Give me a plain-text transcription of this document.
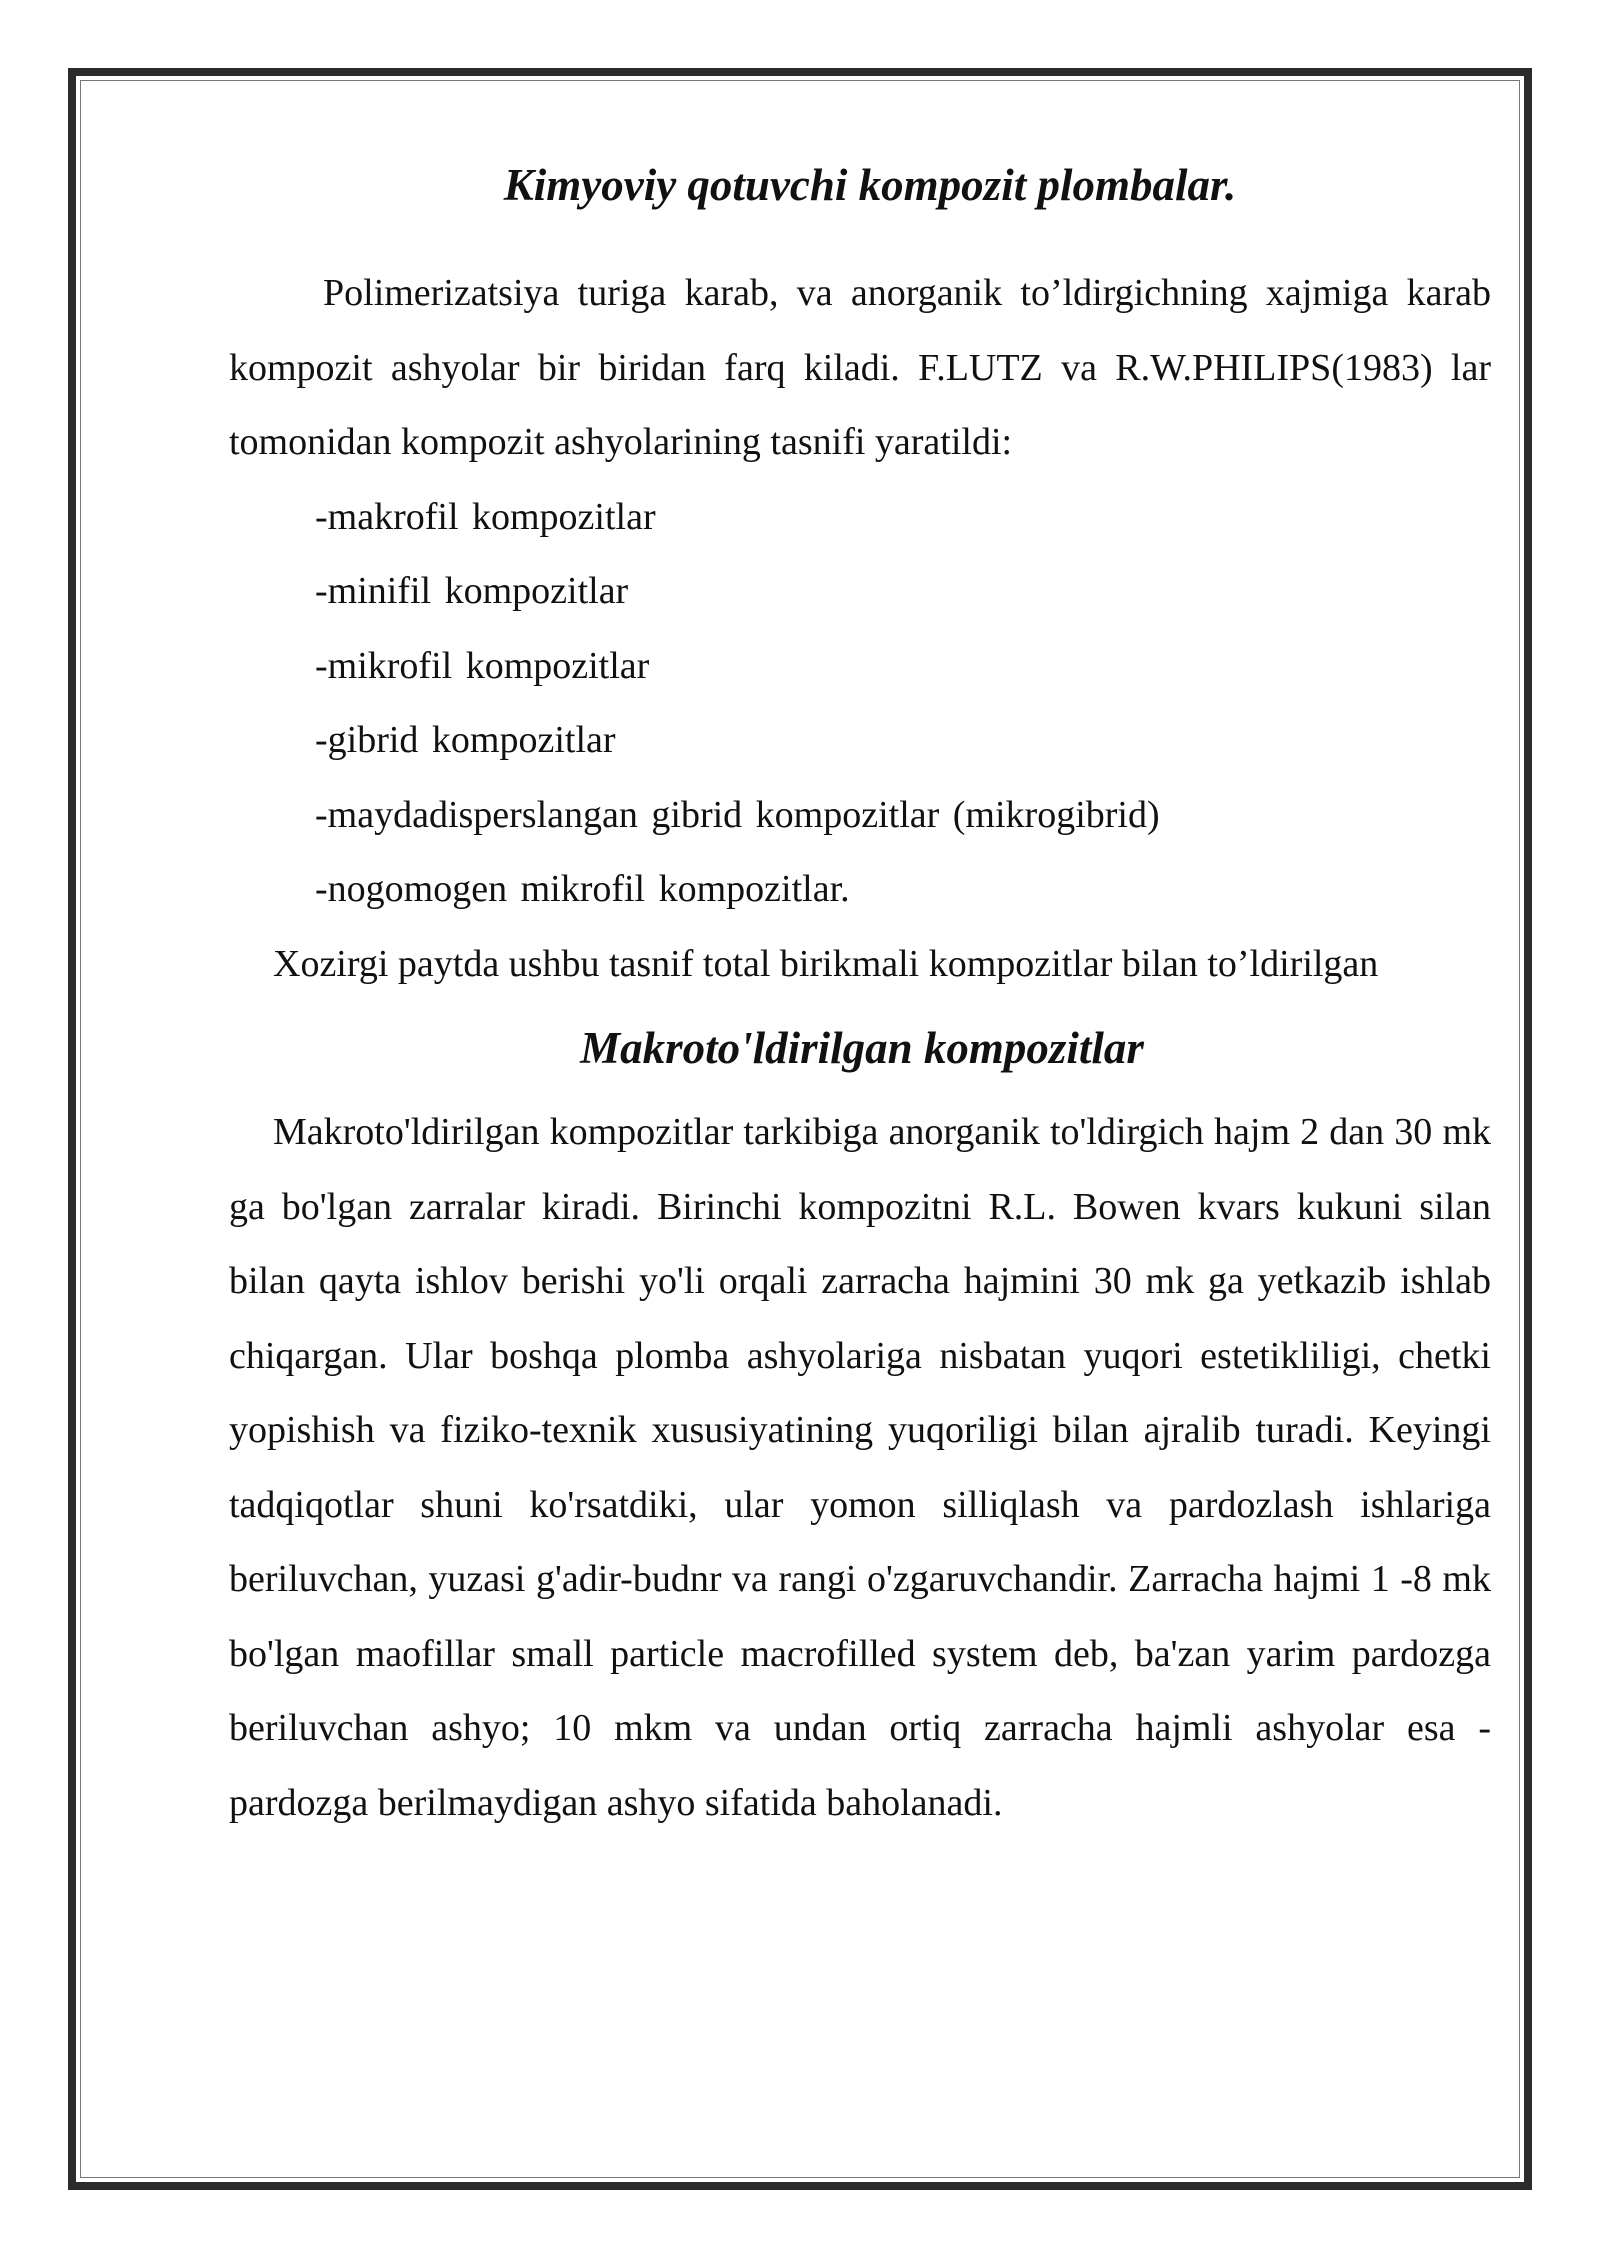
Kimyoviy qotuvchi kompozit plombalar.

Polimerizatsiya turiga karab, va anorganik to’ldirgichning xajmiga karab kompozit ashyolar bir biridan farq kiladi. F.LUTZ va R.W.PHILIPS(1983) lar tomonidan kompozit ashyolarining tasnifi yaratildi:

-makrofil kompozitlar
-minifil kompozitlar
-mikrofil kompozitlar
-gibrid kompozitlar
-maydadisperslangan gibrid kompozitlar (mikrogibrid)
-nogomogen mikrofil kompozitlar.

Xozirgi paytda ushbu tasnif total birikmali kompozitlar bilan to’ldirilgan

Makroto'ldirilgan kompozitlar

Makroto'ldirilgan kompozitlar tarkibiga anorganik to'ldirgich hajm 2 dan 30 mk ga bo'lgan zarralar kiradi. Birinchi kompozitni R.L. Bowen kvars kukuni silan bilan qayta ishlov berishi yo'li orqali zarracha hajmini 30 mk ga yetkazib ishlab chiqargan. Ular boshqa plomba ashyolariga nisbatan yuqori estetikliligi, chetki yopishish va fiziko-texnik xususiyatining yuqoriligi bilan ajralib turadi. Keyingi tadqiqotlar shuni ko'rsatdiki, ular yomon silliqlash va pardozlash ishlariga beriluvchan, yuzasi g'adir-budnr va rangi o'zgaruvchandir. Zarracha hajmi 1 -8 mk bo'lgan maofillar small particle macrofilled system deb, ba'zan yarim pardozga beriluvchan ashyo; 10 mkm va undan ortiq zarracha hajmli ashyolar esa - pardozga berilmaydigan ashyo sifatida baholanadi.
